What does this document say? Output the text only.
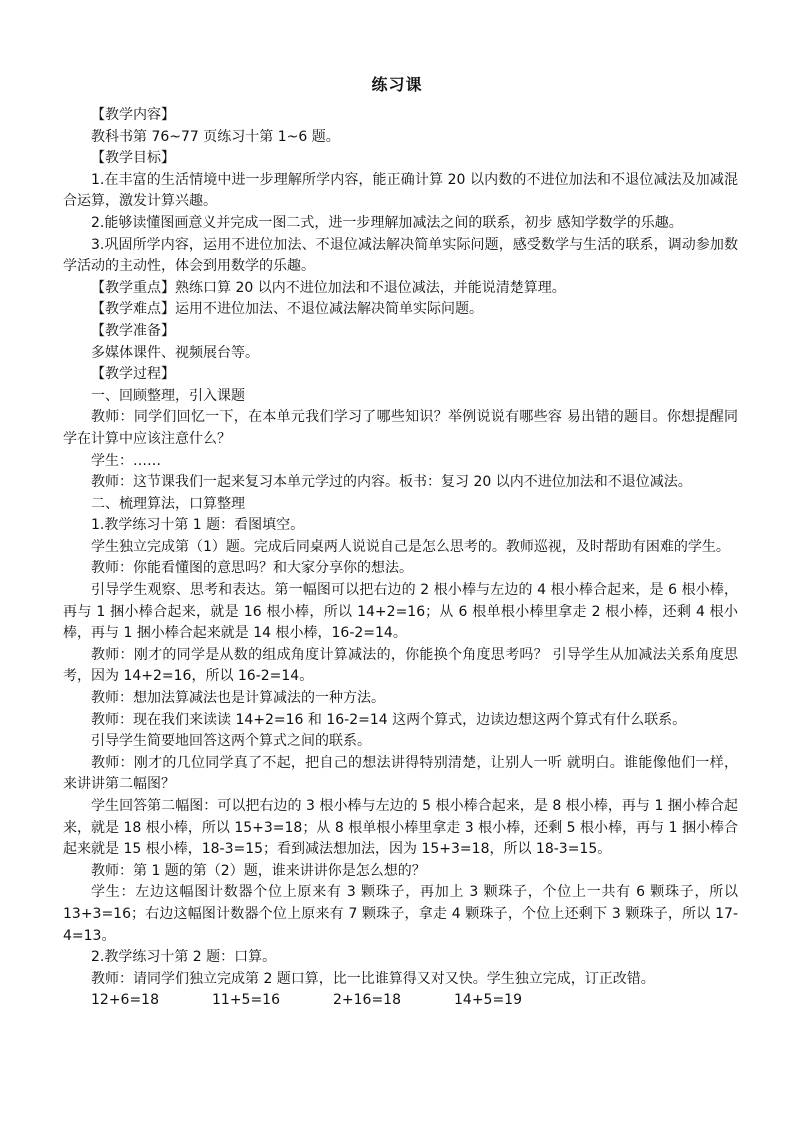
练习课

【教学内容】

教科书第 76~77 页练习十第 1~6 题。

【教学目标】

1.在丰富的生活情境中进一步理解所学内容，能正确计算 20 以内数的不进位加法和不退位减法及加减混合运算，激发计算兴趣。

2.能够读懂图画意义并完成一图二式，进一步理解加减法之间的联系，初步 感知学数学的乐趣。

3.巩固所学内容，运用不进位加法、不退位减法解决简单实际问题，感受数学与生活的联系，调动参加数学活动的主动性，体会到用数学的乐趣。

【教学重点】熟练口算 20 以内不进位加法和不退位减法，并能说清楚算理。

【教学难点】运用不进位加法、不退位减法解决简单实际问题。

【教学准备】

多媒体课件、视频展台等。

【教学过程】

一、回顾整理，引入课题

教师：同学们回忆一下，在本单元我们学习了哪些知识？举例说说有哪些容 易出错的题目。你想提醒同学在计算中应该注意什么？

学生：……

教师：这节课我们一起来复习本单元学过的内容。板书：复习 20 以内不进位加法和不退位减法。

二、梳理算法，口算整理

1.教学练习十第 1 题：看图填空。

学生独立完成第（1）题。完成后同桌两人说说自己是怎么思考的。教师巡视，及时帮助有困难的学生。

教师：你能看懂图的意思吗？和大家分享你的想法。

引导学生观察、思考和表达。第一幅图可以把右边的 2 根小棒与左边的 4 根小棒合起来，是 6 根小棒，再与 1 捆小棒合起来，就是 16 根小棒，所以 14+2=16；从 6 根单根小棒里拿走 2 根小棒，还剩 4 根小棒，再与 1 捆小棒合起来就是 14 根小棒，16-2=14。

教师：刚才的同学是从数的组成角度计算减法的，你能换个角度思考吗？ 引导学生从加减法关系角度思考，因为 14+2=16，所以 16-2=14。

教师：想加法算减法也是计算减法的一种方法。

教师：现在我们来读读 14+2=16 和 16-2=14 这两个算式，边读边想这两个算式有什么联系。

引导学生简要地回答这两个算式之间的联系。

教师：刚才的几位同学真了不起，把自己的想法讲得特别清楚，让别人一听 就明白。谁能像他们一样，来讲讲第二幅图？

学生回答第二幅图：可以把右边的 3 根小棒与左边的 5 根小棒合起来，是 8 根小棒，再与 1 捆小棒合起来，就是 18 根小棒，所以 15+3=18；从 8 根单根小棒里拿走 3 根小棒，还剩 5 根小棒，再与 1 捆小棒合起来就是 15 根小棒，18-3=15；看到减法想加法，因为 15+3=18，所以 18-3=15。

教师：第 1 题的第（2）题，谁来讲讲你是怎么想的？

学生：左边这幅图计数器个位上原来有 3 颗珠子，再加上 3 颗珠子，个位上一共有 6 颗珠子，所以 13+3=16；右边这幅图计数器个位上原来有 7 颗珠子，拿走 4 颗珠子，个位上还剩下 3 颗珠子，所以 17-4=13。

2.教学练习十第 2 题：口算。

教师：请同学们独立完成第 2 题口算，比一比谁算得又对又快。学生独立完成，订正改错。

12+6=18	11+5=16	2+16=18	14+5=19
